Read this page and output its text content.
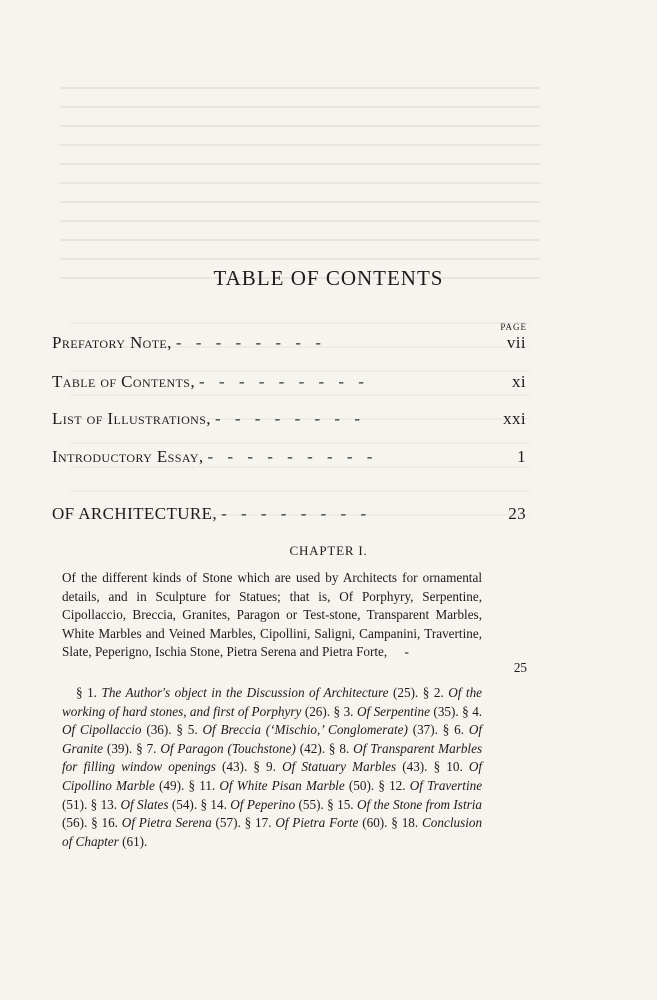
TABLE OF CONTENTS
PAGE
Prefatory Note, - - - - - - - -	vii
Table of Contents, - - - - - - - - -	xi
List of Illustrations, - - - - - - - -	xxi
Introductory Essay, - - - - - - - - -	1
OF ARCHITECTURE, - - - - - - - -	23
CHAPTER I.
Of the different kinds of Stone which are used by Architects for ornamental details, and in Sculpture for Statues; that is, Of Porphyry, Serpentine, Cipollaccio, Breccia, Granites, Paragon or Test-stone, Transparent Marbles, White Marbles and Veined Marbles, Cipollini, Saligni, Campanini, Travertine, Slate, Peperigno, Ischia Stone, Pietra Serena and Pietra Forte, -
25
§ 1. The Author's object in the Discussion of Architecture (25). § 2. Of the working of hard stones, and first of Porphyry (26). § 3. Of Serpentine (35). § 4. Of Cipollaccio (36). § 5. Of Breccia (‘Mischio,’ Conglomerate) (37). § 6. Of Granite (39). § 7. Of Paragon (Touchstone) (42). § 8. Of Transparent Marbles for filling window openings (43). § 9. Of Statuary Marbles (43). § 10. Of Cipollino Marble (49). § 11. Of White Pisan Marble (50). § 12. Of Travertine (51). § 13. Of Slates (54). § 14. Of Peperino (55). § 15. Of the Stone from Istria (56). § 16. Of Pietra Serena (57). § 17. Of Pietra Forte (60). § 18. Conclusion of Chapter (61).
